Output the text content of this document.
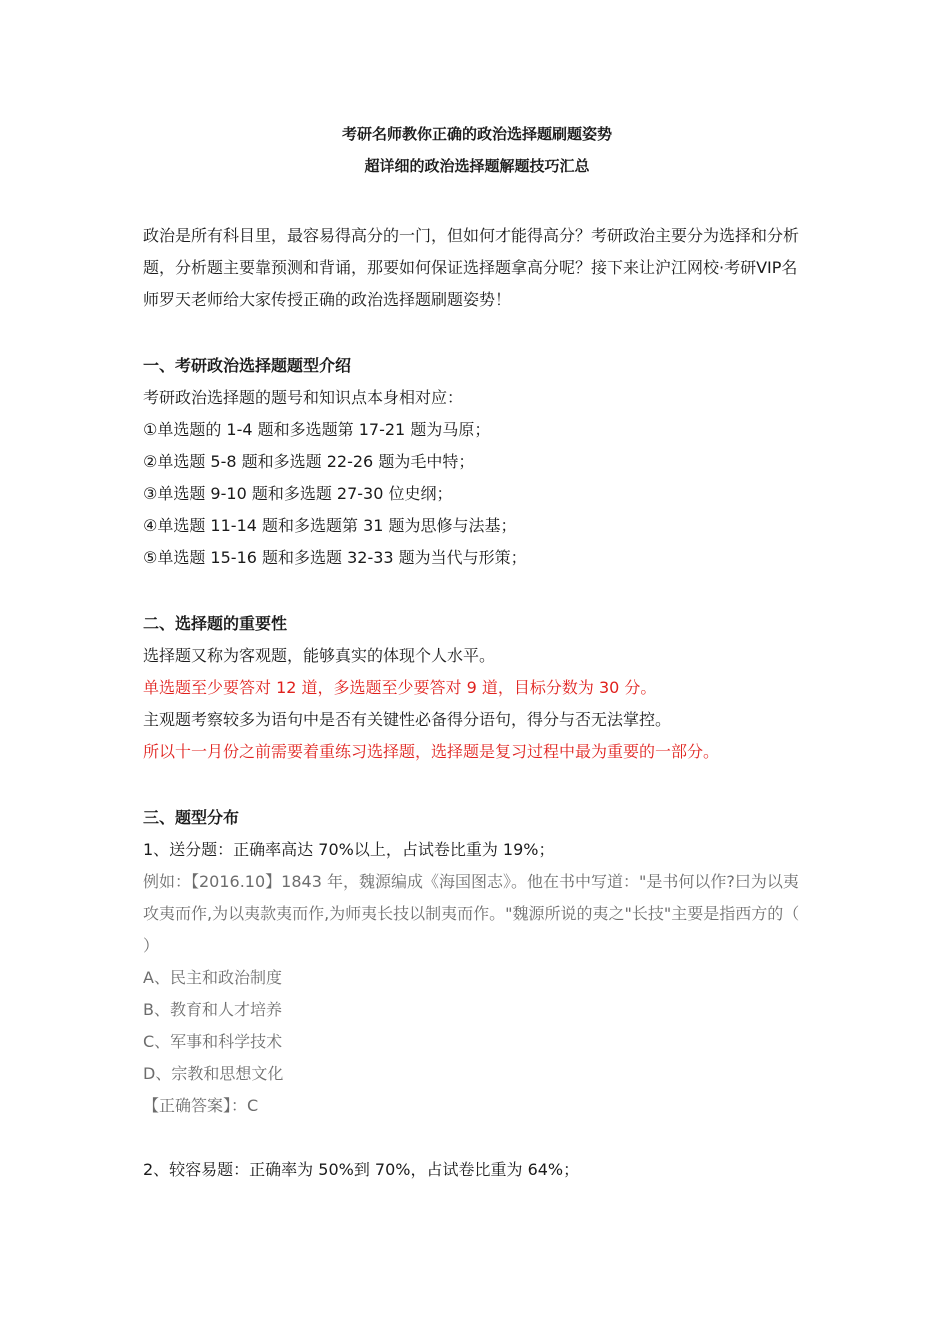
考研名师教你正确的政治选择题刷题姿势
超详细的政治选择题解题技巧汇总

政治是所有科目里，最容易得高分的一门，但如何才能得高分？考研政治主要分为选择和分析题，分析题主要靠预测和背诵，那要如何保证选择题拿高分呢？接下来让沪江网校·考研VIP名师罗天老师给大家传授正确的政治选择题刷题姿势！

一、考研政治选择题题型介绍

考研政治选择题的题号和知识点本身相对应：

①单选题的 1-4 题和多选题第 17-21 题为马原；

②单选题 5-8 题和多选题 22-26 题为毛中特；

③单选题 9-10 题和多选题 27-30 位史纲；

④单选题 11-14 题和多选题第 31 题为思修与法基；

⑤单选题 15-16 题和多选题 32-33 题为当代与形策；

二、选择题的重要性

选择题又称为客观题，能够真实的体现个人水平。

单选题至少要答对 12 道，多选题至少要答对 9 道，目标分数为 30 分。

主观题考察较多为语句中是否有关键性必备得分语句，得分与否无法掌控。

所以十一月份之前需要着重练习选择题，选择题是复习过程中最为重要的一部分。

三、题型分布

1、送分题：正确率高达 70%以上，占试卷比重为 19%；

例如：【2016.10】1843 年，魏源编成《海国图志》。他在书中写道："是书何以作?曰为以夷攻夷而作,为以夷款夷而作,为师夷长技以制夷而作。"魏源所说的夷之"长技"主要是指西方的（ ）

A、民主和政治制度

B、教育和人才培养

C、军事和科学技术

D、宗教和思想文化

【正确答案】：C

2、较容易题：正确率为 50%到 70%，占试卷比重为 64%；
